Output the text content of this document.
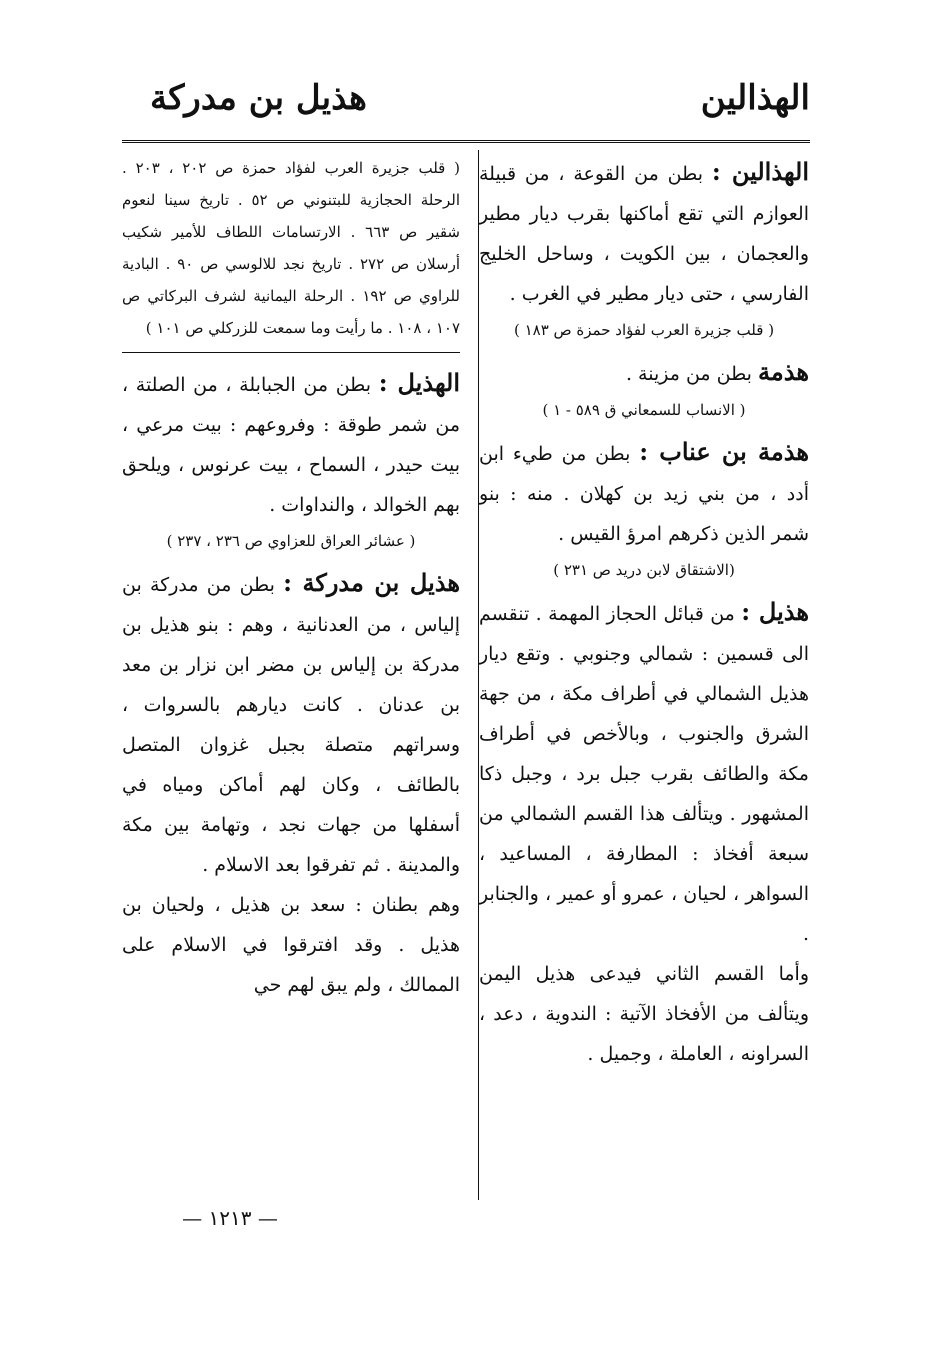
الهذالين
هذيل بن مدركة

الهذالين : بطن من القوعة ، من قبيلة العوازم التي تقع أماكنها بقرب ديار مطير والعجمان ، بين الكويت ، وساحل الخليج الفارسي ، حتى ديار مطير في الغرب .

( قلب جزيرة العرب لفؤاد حمزة ص ١٨٣ )

هذمة بطن من مزينة .

( الانساب للسمعاني ق ٥٨٩ - ١ )

هذمة بن عناب : بطن من طيء ابن أدد ، من بني زيد بن كهلان . منه : بنو شمر الذين ذكرهم امرؤ القيس .

(الاشتقاق لابن دريد ص ٢٣١ )

هذيل : من قبائل الحجاز المهمة . تنقسم الى قسمين : شمالي وجنوبي . وتقع ديار هذيل الشمالي في أطراف مكة ، من جهة الشرق والجنوب ، وبالأخص في أطراف مكة والطائف بقرب جبل برد ، وجبل ذكا المشهور . ويتألف هذا القسم الشمالي من سبعة أفخاذ : المطارفة ، المساعيد ، السواهر ، لحيان ، عمرو أو عمير ، والجنابر .

وأما القسم الثاني فيدعى هذيل اليمن ويتألف من الأفخاذ الآتية : الندوية ، دعد ، السراونه ، العاملة ، وجميل .

( قلب جزيرة العرب لفؤاد حمزة ص ٢٠٢ ، ٢٠٣ . الرحلة الحجازية للبتنوني ص ٥٢ . تاريخ سينا لنعوم شقير ص ٦٦٣ . الارتسامات اللطاف للأمير شكيب أرسلان ص ٢٧٢ . تاريخ نجد للالوسي ص ٩٠ . البادية للراوي ص ١٩٢ . الرحلة اليمانية لشرف البركاتي ص ١٠٧ ، ١٠٨ . ما رأيت وما سمعت للزركلي ص ١٠١ )

الهذيل : بطن من الجبابلة ، من الصلتة ، من شمر طوقة : وفروعهم : بيت مرعي ، بيت حيدر ، السماح ، بيت عرنوس ، ويلحق بهم الخوالد ، والنداوات .

( عشائر العراق للعزاوي ص ٢٣٦ ، ٢٣٧ )

هذيل بن مدركة : بطن من مدركة بن إلياس ، من العدنانية ، وهم : بنو هذيل بن مدركة بن إلياس بن مضر ابن نزار بن معد بن عدنان . كانت ديارهم بالسروات ، وسراتهم متصلة بجبل غزوان المتصل بالطائف ، وكان لهم أماكن ومياه في أسفلها من جهات نجد ، وتهامة بين مكة والمدينة . ثم تفرقوا بعد الاسلام .

وهم بطنان : سعد بن هذيل ، ولحيان بن هذيل . وقد افترقوا في الاسلام على الممالك ، ولم يبق لهم حي

— ١٢١٣ —
